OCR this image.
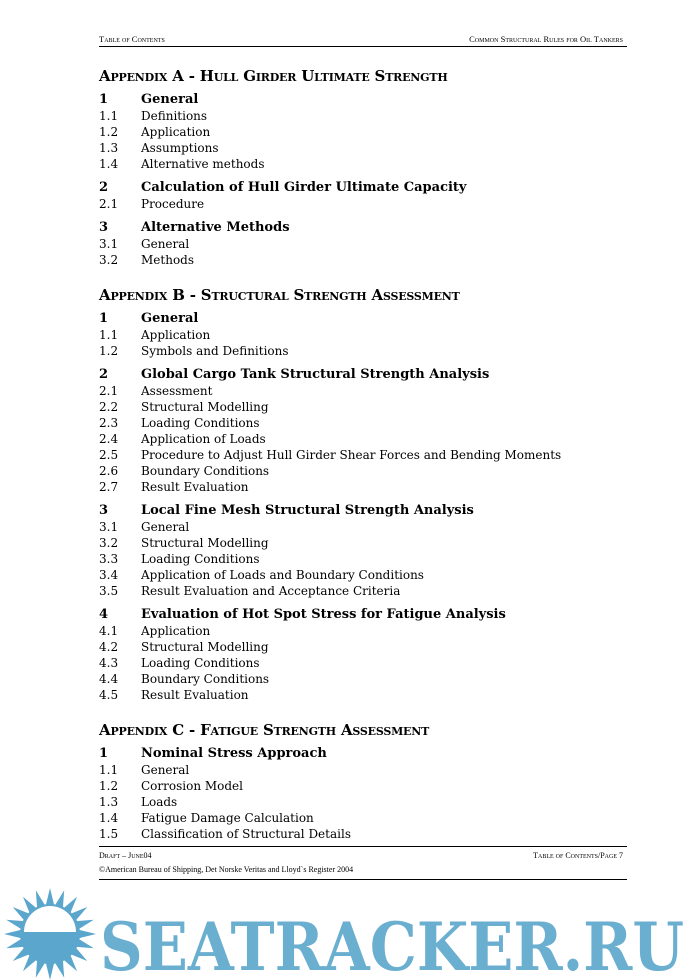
Table of Contents	Common Structural Rules for Oil Tankers
Appendix A - Hull Girder Ultimate Strength
1	General
1.1	Definitions
1.2	Application
1.3	Assumptions
1.4	Alternative methods
2	Calculation of Hull Girder Ultimate Capacity
2.1	Procedure
3	Alternative Methods
3.1	General
3.2	Methods
Appendix B - Structural Strength Assessment
1	General
1.1	Application
1.2	Symbols and Definitions
2	Global Cargo Tank Structural Strength Analysis
2.1	Assessment
2.2	Structural Modelling
2.3	Loading Conditions
2.4	Application of Loads
2.5	Procedure to Adjust Hull Girder Shear Forces and Bending Moments
2.6	Boundary Conditions
2.7	Result Evaluation
3	Local Fine Mesh Structural Strength Analysis
3.1	General
3.2	Structural Modelling
3.3	Loading Conditions
3.4	Application of Loads and Boundary Conditions
3.5	Result Evaluation and Acceptance Criteria
4	Evaluation of Hot Spot Stress for Fatigue Analysis
4.1	Application
4.2	Structural Modelling
4.3	Loading Conditions
4.4	Boundary Conditions
4.5	Result Evaluation
Appendix C - Fatigue Strength Assessment
1	Nominal Stress Approach
1.1	General
1.2	Corrosion Model
1.3	Loads
1.4	Fatigue Damage Calculation
1.5	Classification of Structural Details
Draft – June04	Table of Contents/Page 7
©American Bureau of Shipping, Det Norske Veritas and Lloyd`s Register 2004
SEATRACKER.RU
